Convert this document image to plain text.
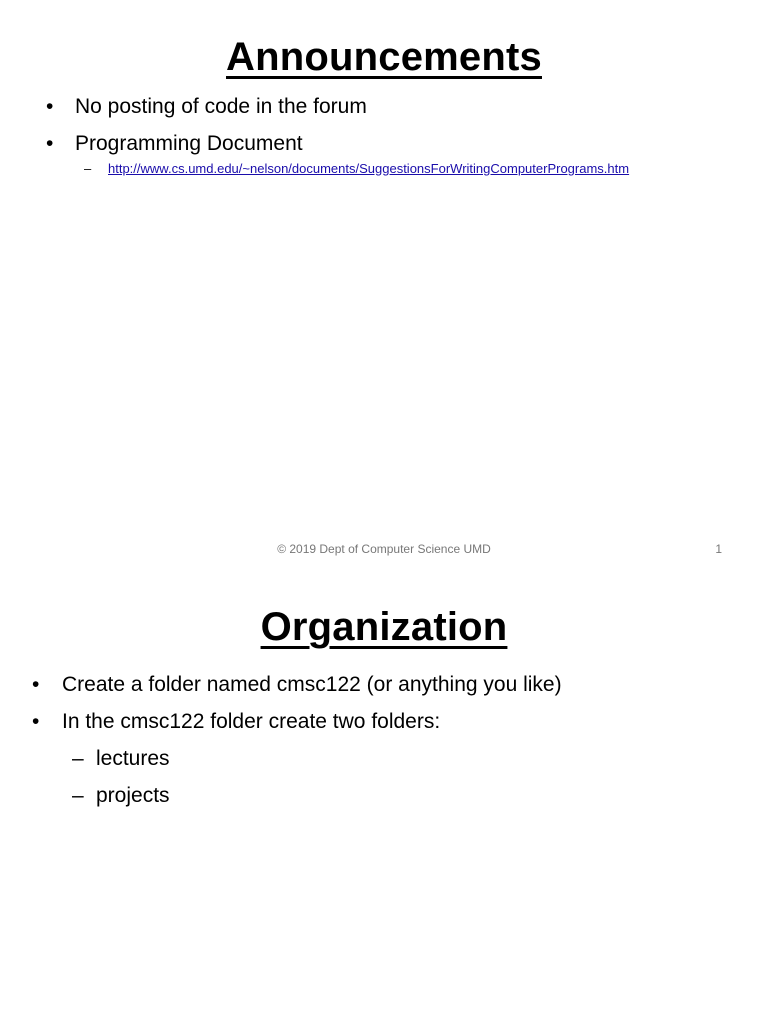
Announcements
• No posting of code in the forum
• Programming Document
– http://www.cs.umd.edu/~nelson/documents/SuggestionsForWritingComputerPrograms.htm
© 2019 Dept of Computer Science UMD	1
Organization
• Create a folder named cmsc122 (or anything you like)
• In the cmsc122 folder create two folders:
– lectures
– projects
